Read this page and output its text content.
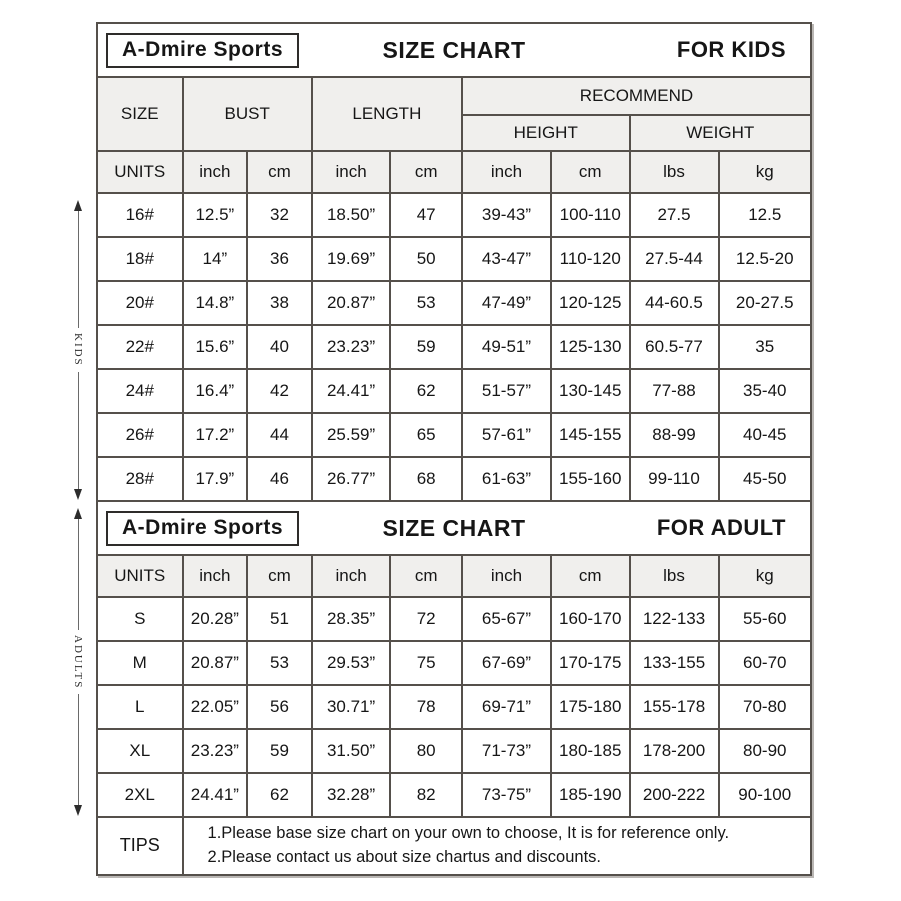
A-Dmire Sports	SIZE CHART	FOR KIDS
SIZE	BUST	LENGTH
RECOMMEND
HEIGHT	WEIGHT
UNITS	inch	cm	inch	cm	inch	cm	lbs	kg
16#	12.5”	32	18.50”	47	39-43”	100-110	27.5	12.5
18#	14”	36	19.69”	50	43-47”	110-120	27.5-44	12.5-20
20#	14.8”	38	20.87”	53	47-49”	120-125	44-60.5	20-27.5
22#	15.6”	40	23.23”	59	49-51”	125-130	60.5-77	35
24#	16.4”	42	24.41”	62	51-57”	130-145	77-88	35-40
26#	17.2”	44	25.59”	65	57-61”	145-155	88-99	40-45
28#	17.9”	46	26.77”	68	61-63”	155-160	99-110	45-50
A-Dmire Sports	SIZE CHART	FOR ADULT
UNITS	inch	cm	inch	cm	inch	cm	lbs	kg
S	20.28”	51	28.35”	72	65-67”	160-170	122-133	55-60
M	20.87”	53	29.53”	75	67-69”	170-175	133-155	60-70
L	22.05”	56	30.71”	78	69-71”	175-180	155-178	70-80
XL	23.23”	59	31.50”	80	71-73”	180-185	178-200	80-90
2XL	24.41”	62	32.28”	82	73-75”	185-190	200-222	90-100
TIPS
1.Please base size chart on your own to choose, It is for reference only.
2.Please contact us about size chartus and discounts.
KIDS
ADULTS
